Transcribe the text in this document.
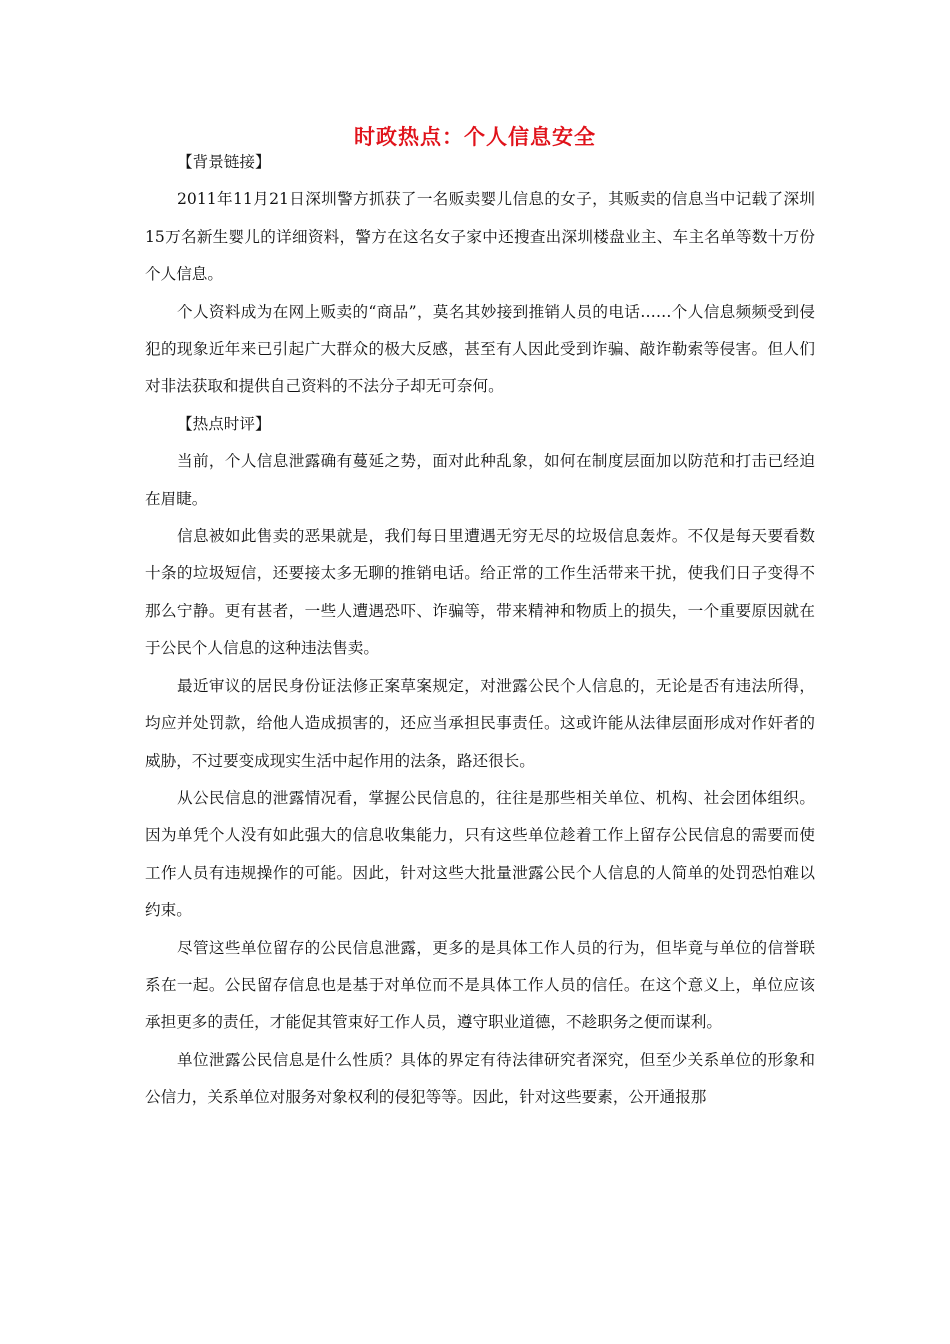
时政热点：个人信息安全

【背景链接】

2011年11月21日深圳警方抓获了一名贩卖婴儿信息的女子，其贩卖的信息当中记载了深圳15万名新生婴儿的详细资料，警方在这名女子家中还搜查出深圳楼盘业主、车主名单等数十万份个人信息。

个人资料成为在网上贩卖的“商品”，莫名其妙接到推销人员的电话……个人信息频频受到侵犯的现象近年来已引起广大群众的极大反感，甚至有人因此受到诈骗、敲诈勒索等侵害。但人们对非法获取和提供自己资料的不法分子却无可奈何。

【热点时评】

当前，个人信息泄露确有蔓延之势，面对此种乱象，如何在制度层面加以防范和打击已经迫在眉睫。

信息被如此售卖的恶果就是，我们每日里遭遇无穷无尽的垃圾信息轰炸。不仅是每天要看数十条的垃圾短信，还要接太多无聊的推销电话。给正常的工作生活带来干扰，使我们日子变得不那么宁静。更有甚者，一些人遭遇恐吓、诈骗等，带来精神和物质上的损失，一个重要原因就在于公民个人信息的这种违法售卖。

最近审议的居民身份证法修正案草案规定，对泄露公民个人信息的，无论是否有违法所得，均应并处罚款，给他人造成损害的，还应当承担民事责任。这或许能从法律层面形成对作奸者的威胁，不过要变成现实生活中起作用的法条，路还很长。

从公民信息的泄露情况看，掌握公民信息的，往往是那些相关单位、机构、社会团体组织。因为单凭个人没有如此强大的信息收集能力，只有这些单位趁着工作上留存公民信息的需要而使工作人员有违规操作的可能。因此，针对这些大批量泄露公民个人信息的人简单的处罚恐怕难以约束。

尽管这些单位留存的公民信息泄露，更多的是具体工作人员的行为，但毕竟与单位的信誉联系在一起。公民留存信息也是基于对单位而不是具体工作人员的信任。在这个意义上，单位应该承担更多的责任，才能促其管束好工作人员，遵守职业道德，不趁职务之便而谋利。

单位泄露公民信息是什么性质？具体的界定有待法律研究者深究，但至少关系单位的形象和公信力，关系单位对服务对象权利的侵犯等等。因此，针对这些要素，公开通报那
